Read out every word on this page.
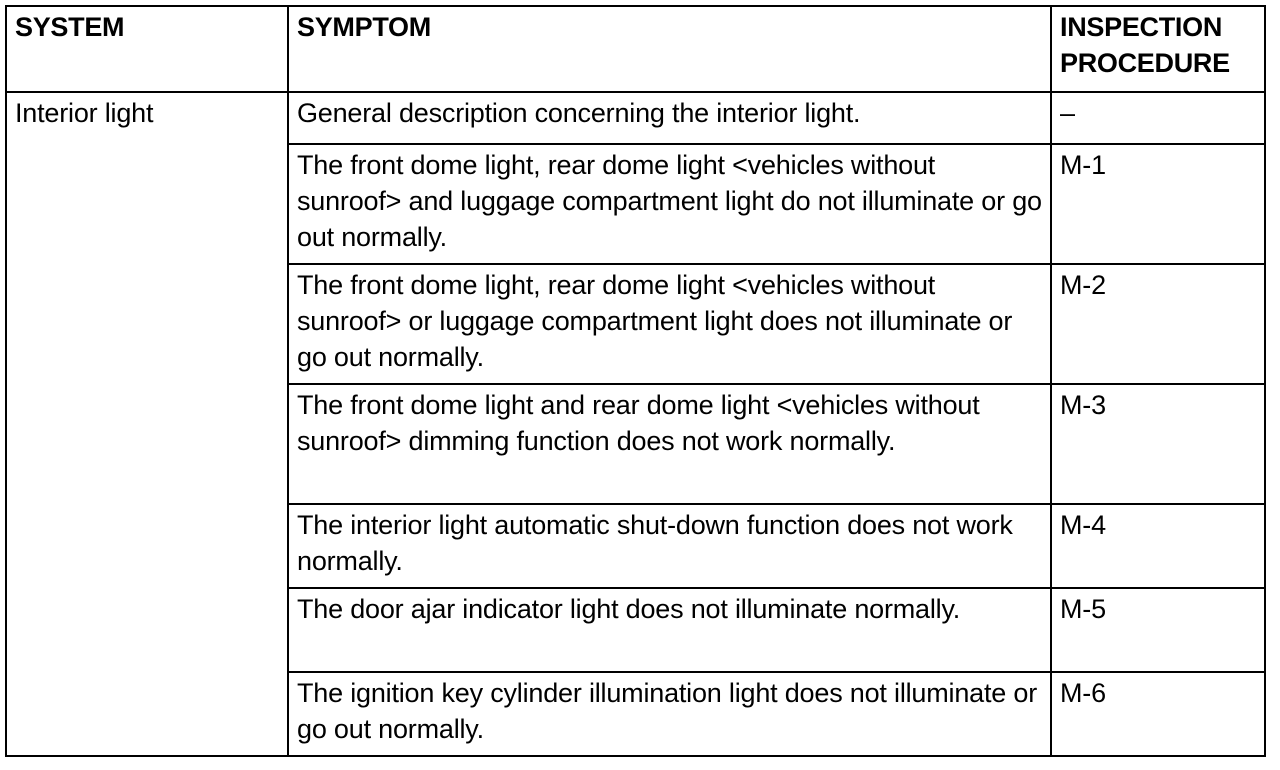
SYSTEM	SYMPTOM	INSPECTION PROCEDURE
Interior light	General description concerning the interior light.	–
	The front dome light, rear dome light <vehicles without sunroof> and luggage compartment light do not illuminate or go out normally.	M-1
	The front dome light, rear dome light <vehicles without sunroof> or luggage compartment light does not illuminate or go out normally.	M-2
	The front dome light and rear dome light <vehicles without sunroof> dimming function does not work normally.	M-3
	The interior light automatic shut-down function does not work normally.	M-4
	The door ajar indicator light does not illuminate normally.	M-5
	The ignition key cylinder illumination light does not illuminate or go out normally.	M-6
